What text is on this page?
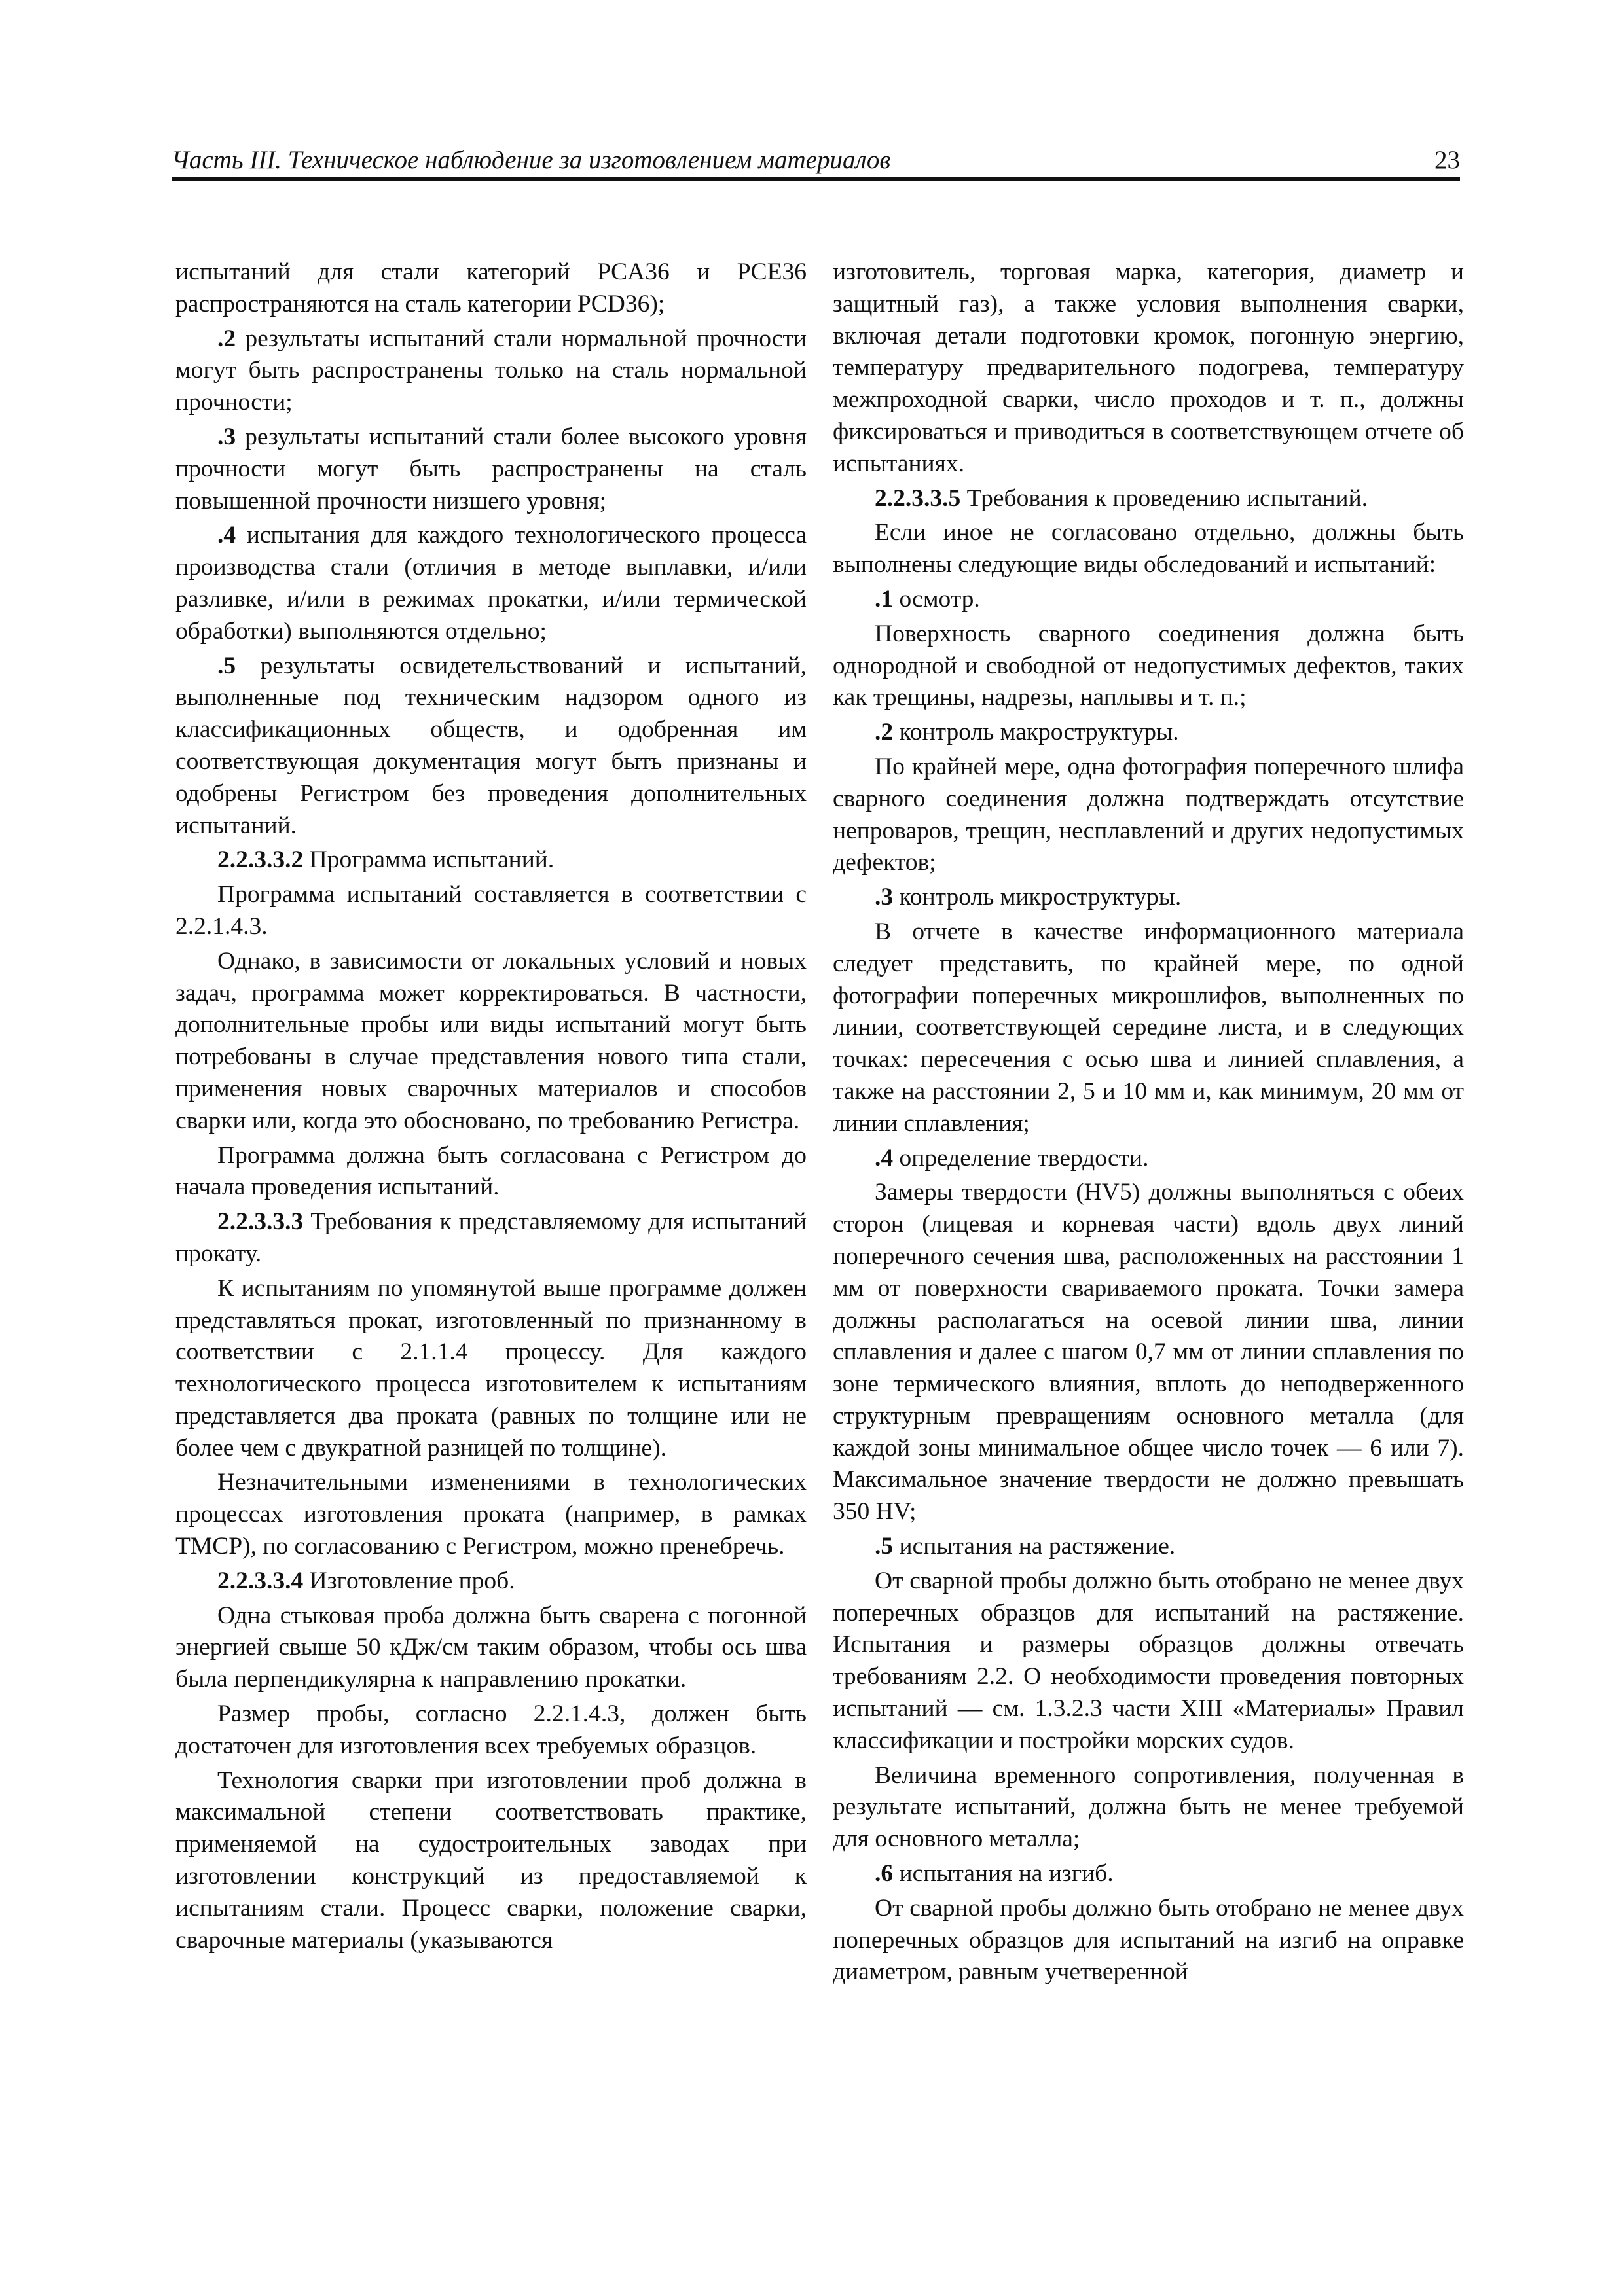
Часть III. Техническое наблюдение за изготовлением материалов	23

испытаний для стали категорий PCA36 и PCE36 распространяются на сталь категории PCD36);

.2 результаты испытаний стали нормальной прочности могут быть распространены только на сталь нормальной прочности;

.3 результаты испытаний стали более высокого уровня прочности могут быть распространены на сталь повышенной прочности низшего уровня;

.4 испытания для каждого технологического процесса производства стали (отличия в методе выплавки, и/или разливке, и/или в режимах прокатки, и/или термической обработки) выполняются отдельно;

.5 результаты освидетельствований и испытаний, выполненные под техническим надзором одного из классификационных обществ, и одобренная им соответствующая документация могут быть признаны и одобрены Регистром без проведения дополнительных испытаний.

2.2.3.3.2 Программа испытаний.

Программа испытаний составляется в соответствии с 2.2.1.4.3.

Однако, в зависимости от локальных условий и новых задач, программа может корректироваться. В частности, дополнительные пробы или виды испытаний могут быть потребованы в случае представления нового типа стали, применения новых сварочных материалов и способов сварки или, когда это обосновано, по требованию Регистра.

Программа должна быть согласована с Регистром до начала проведения испытаний.

2.2.3.3.3 Требования к представляемому для испытаний прокату.

К испытаниям по упомянутой выше программе должен представляться прокат, изготовленный по признанному в соответствии с 2.1.1.4 процессу. Для каждого технологического процесса изготовителем к испытаниям представляется два проката (равных по толщине или не более чем с двукратной разницей по толщине).

Незначительными изменениями в технологических процессах изготовления проката (например, в рамках TMCP), по согласованию с Регистром, можно пренебречь.

2.2.3.3.4 Изготовление проб.

Одна стыковая проба должна быть сварена с погонной энергией свыше 50 кДж/см таким образом, чтобы ось шва была перпендикулярна к направлению прокатки.

Размер пробы, согласно 2.2.1.4.3, должен быть достаточен для изготовления всех требуемых образцов.

Технология сварки при изготовлении проб должна в максимальной степени соответствовать практике, применяемой на судостроительных заводах при изготовлении конструкций из предоставляемой к испытаниям стали. Процесс сварки, положение сварки, сварочные материалы (указываются

изготовитель, торговая марка, категория, диаметр и защитный газ), а также условия выполнения сварки, включая детали подготовки кромок, погонную энергию, температуру предварительного подогрева, температуру межпроходной сварки, число проходов и т. п., должны фиксироваться и приводиться в соответствующем отчете об испытаниях.

2.2.3.3.5 Требования к проведению испытаний.

Если иное не согласовано отдельно, должны быть выполнены следующие виды обследований и испытаний:

.1 осмотр.

Поверхность сварного соединения должна быть однородной и свободной от недопустимых дефектов, таких как трещины, надрезы, наплывы и т. п.;

.2 контроль макроструктуры.

По крайней мере, одна фотография поперечного шлифа сварного соединения должна подтверждать отсутствие непроваров, трещин, несплавлений и других недопустимых дефектов;

.3 контроль микроструктуры.

В отчете в качестве информационного материала следует представить, по крайней мере, по одной фотографии поперечных микрошлифов, выполненных по линии, соответствующей середине листа, и в следующих точках: пересечения с осью шва и линией сплавления, а также на расстоянии 2, 5 и 10 мм и, как минимум, 20 мм от линии сплавления;

.4 определение твердости.

Замеры твердости (HV5) должны выполняться с обеих сторон (лицевая и корневая части) вдоль двух линий поперечного сечения шва, расположенных на расстоянии 1 мм от поверхности свариваемого проката. Точки замера должны располагаться на осевой линии шва, линии сплавления и далее с шагом 0,7 мм от линии сплавления по зоне термического влияния, вплоть до неподверженного структурным превращениям основного металла (для каждой зоны минимальное общее число точек — 6 или 7). Максимальное значение твердости не должно превышать 350 HV;

.5 испытания на растяжение.

От сварной пробы должно быть отобрано не менее двух поперечных образцов для испытаний на растяжение. Испытания и размеры образцов должны отвечать требованиям 2.2. О необходимости проведения повторных испытаний — см. 1.3.2.3 части XIII «Материалы» Правил классификации и постройки морских судов.

Величина временного сопротивления, полученная в результате испытаний, должна быть не менее требуемой для основного металла;

.6 испытания на изгиб.

От сварной пробы должно быть отобрано не менее двух поперечных образцов для испытаний на изгиб на оправке диаметром, равным учетверенной
